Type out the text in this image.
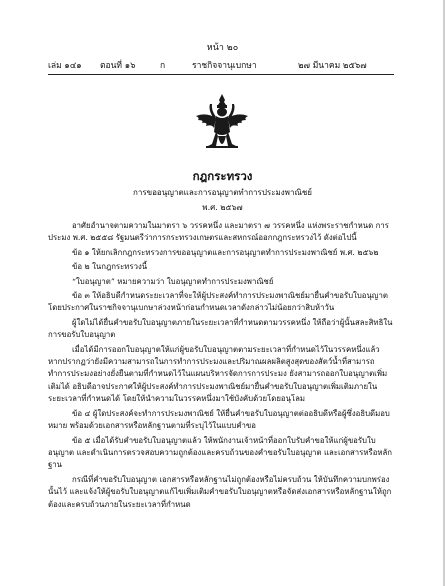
หน้า ๒๐
เล่ม ๑๔๑ ตอนที่ ๑๖	ก	ราชกิจจานุเบกษา	๒๗ มีนาคม ๒๕๖๗
กฎกระทรวง
การขออนุญาตและการอนุญาตทำการประมงพาณิชย์
พ.ศ. ๒๕๖๗

อาศัยอำนาจตามความในมาตรา ๖ วรรคหนึ่ง และมาตรา ๗ วรรคหนึ่ง แห่งพระราชกำหนด การประมง พ.ศ. ๒๕๕๘ รัฐมนตรีว่าการกระทรวงเกษตรและสหกรณ์ออกกฎกระทรวงไว้ ดังต่อไปนี้

ข้อ ๑ ให้ยกเลิกกฎกระทรวงการขออนุญาตและการอนุญาตทำการประมงพาณิชย์ พ.ศ. ๒๕๖๒

ข้อ ๒ ในกฎกระทรวงนี้

“ใบอนุญาต” หมายความว่า ใบอนุญาตทำการประมงพาณิชย์

ข้อ ๓ ให้อธิบดีกำหนดระยะเวลาที่จะให้ผู้ประสงค์ทำการประมงพาณิชย์มายื่นคำขอรับใบอนุญาต โดยประกาศในราชกิจจานุเบกษาล่วงหน้าก่อนกำหนดเวลาดังกล่าวไม่น้อยกว่าสิบห้าวัน

ผู้ใดไม่ได้ยื่นคำขอรับใบอนุญาตภายในระยะเวลาที่กำหนดตามวรรคหนึ่ง ให้ถือว่าผู้นั้นสละสิทธิในการขอรับใบอนุญาต

เมื่อได้มีการออกใบอนุญาตให้แก่ผู้ขอรับใบอนุญาตตามระยะเวลาที่กำหนดไว้ในวรรคหนึ่งแล้ว หากปรากฏว่ายังมีความสามารถในการทำการประมงและปริมาณผลผลิตสูงสุดของสัตว์น้ำที่สามารถทำการประมงอย่างยั่งยืนตามที่กำหนดไว้ในแผนบริหารจัดการการประมง ยังสามารถออกใบอนุญาตเพิ่มเติมได้ อธิบดีอาจประกาศให้ผู้ประสงค์ทำการประมงพาณิชย์มายื่นคำขอรับใบอนุญาตเพิ่มเติมภายในระยะเวลาที่กำหนดได้ โดยให้นำความในวรรคหนึ่งมาใช้บังคับด้วยโดยอนุโลม

ข้อ ๔ ผู้ใดประสงค์จะทำการประมงพาณิชย์ ให้ยื่นคำขอรับใบอนุญาตต่ออธิบดีหรือผู้ซึ่งอธิบดีมอบหมาย พร้อมด้วยเอกสารหรือหลักฐานตามที่ระบุไว้ในแบบคำขอ

ข้อ ๕ เมื่อได้รับคำขอรับใบอนุญาตแล้ว ให้พนักงานเจ้าหน้าที่ออกใบรับคำขอให้แก่ผู้ขอรับใบอนุญาต และดำเนินการตรวจสอบความถูกต้องและครบถ้วนของคำขอรับใบอนุญาต และเอกสารหรือหลักฐาน

กรณีที่คำขอรับใบอนุญาต เอกสารหรือหลักฐานไม่ถูกต้องหรือไม่ครบถ้วน ให้บันทึกความบกพร่องนั้นไว้ และแจ้งให้ผู้ขอรับใบอนุญาตแก้ไขเพิ่มเติมคำขอรับใบอนุญาตหรือจัดส่งเอกสารหรือหลักฐานให้ถูกต้องและครบถ้วนภายในระยะเวลาที่กำหนด
